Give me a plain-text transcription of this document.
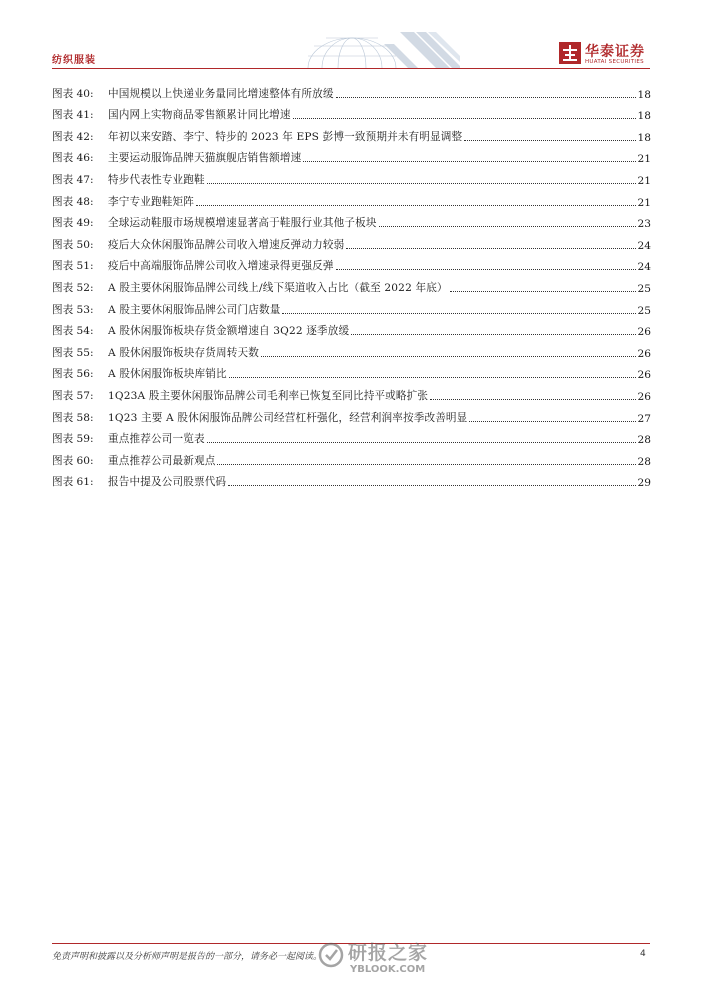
纺织服装
华泰证券
HUATAI SECURITIES
图表 40:	中国规模以上快递业务量同比增速整体有所放缓	18
图表 41:	国内网上实物商品零售额累计同比增速	18
图表 42:	年初以来安踏、李宁、特步的 2023 年 EPS 彭博一致预期并未有明显调整	18
图表 46:	主要运动服饰品牌天猫旗舰店销售额增速	21
图表 47:	特步代表性专业跑鞋	21
图表 48:	李宁专业跑鞋矩阵	21
图表 49:	全球运动鞋服市场规模增速显著高于鞋服行业其他子板块	23
图表 50:	疫后大众休闲服饰品牌公司收入增速反弹动力较弱	24
图表 51:	疫后中高端服饰品牌公司收入增速录得更强反弹	24
图表 52:	A 股主要休闲服饰品牌公司线上/线下渠道收入占比（截至 2022 年底）	25
图表 53:	A 股主要休闲服饰品牌公司门店数量	25
图表 54:	A 股休闲服饰板块存货金额增速自 3Q22 逐季放缓	26
图表 55:	A 股休闲服饰板块存货周转天数	26
图表 56:	A 股休闲服饰板块库销比	26
图表 57:	1Q23A 股主要休闲服饰品牌公司毛利率已恢复至同比持平或略扩张	26
图表 58:	1Q23 主要 A 股休闲服饰品牌公司经营杠杆强化，经营利润率按季改善明显	27
图表 59:	重点推荐公司一览表	28
图表 60:	重点推荐公司最新观点	28
图表 61:	报告中提及公司股票代码	29
免责声明和披露以及分析师声明是报告的一部分，请务必一起阅读。 研报之家
YBLOOK.COM
4
